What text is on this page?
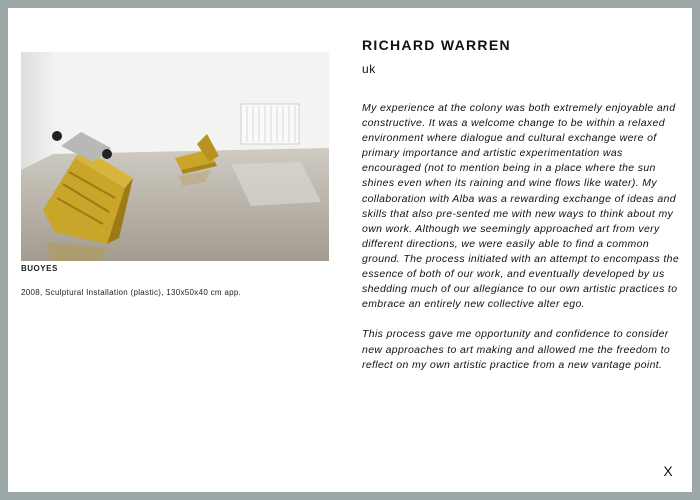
BUOYES
2008, Sculptural Installation (plastic), 130x50x40 cm app.
RICHARD WARREN
uk

My experience at the colony was both extremely enjoyable and constructive. It was a welcome change to be within a relaxed environment where dialogue and cultural exchange were of primary importance and artistic experimentation was encouraged (not to mention being in a place where the sun shines even when its raining and wine flows like water). My collaboration with Alba was a rewarding exchange of ideas and skills that also pre-sented me with new ways to think about my own work. Although we seemingly approached art from very different directions, we were easily able to find a common ground. The process initiated with an attempt to encompass the essence of both of our work, and eventually developed by us shedding much of our allegiance to our own artistic practices to embrace an entirely new collective alter ego.

This process gave me opportunity and confidence to consider new approaches to art making and allowed me the freedom to reflect on my own artistic practice from a new vantage point.

X
